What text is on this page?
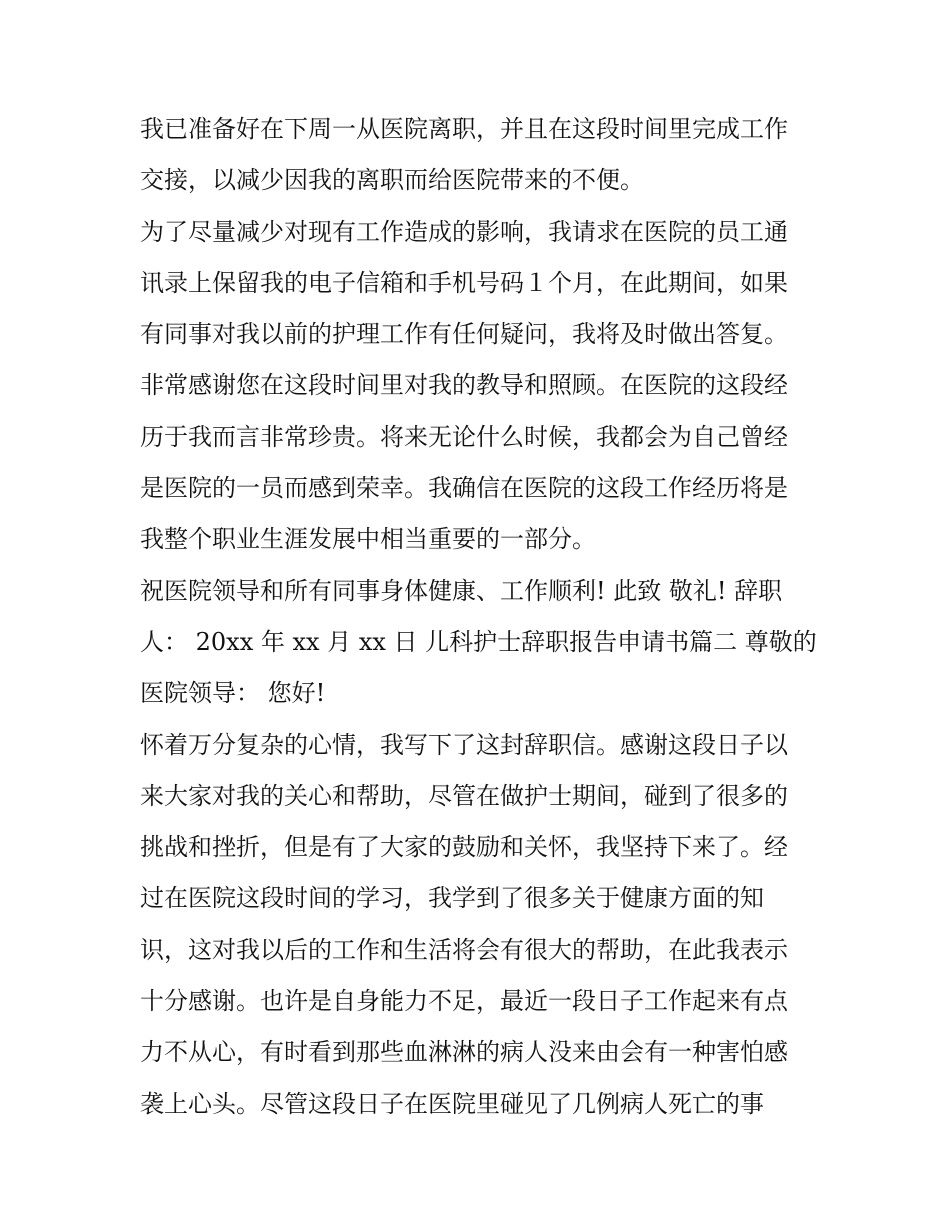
我已准备好在下周一从医院离职，并且在这段时间里完成工作
交接，以减少因我的离职而给医院带来的不便。
为了尽量减少对现有工作造成的影响，我请求在医院的员工通
讯录上保留我的电子信箱和手机号码１个月，在此期间，如果
有同事对我以前的护理工作有任何疑问，我将及时做出答复。
非常感谢您在这段时间里对我的教导和照顾。在医院的这段经
历于我而言非常珍贵。将来无论什么时候，我都会为自己曾经
是医院的一员而感到荣幸。我确信在医院的这段工作经历将是
我整个职业生涯发展中相当重要的一部分。
祝医院领导和所有同事身体健康、工作顺利! 此致 敬礼! 辞职
人： 20xx 年 xx 月 xx 日 儿科护士辞职报告申请书篇二 尊敬的
医院领导： 您好!
怀着万分复杂的心情，我写下了这封辞职信。感谢这段日子以
来大家对我的关心和帮助，尽管在做护士期间，碰到了很多的
挑战和挫折，但是有了大家的鼓励和关怀，我坚持下来了。经
过在医院这段时间的学习，我学到了很多关于健康方面的知
识，这对我以后的工作和生活将会有很大的帮助，在此我表示
十分感谢。也许是自身能力不足，最近一段日子工作起来有点
力不从心，有时看到那些血淋淋的病人没来由会有一种害怕感
袭上心头。尽管这段日子在医院里碰见了几例病人死亡的事
